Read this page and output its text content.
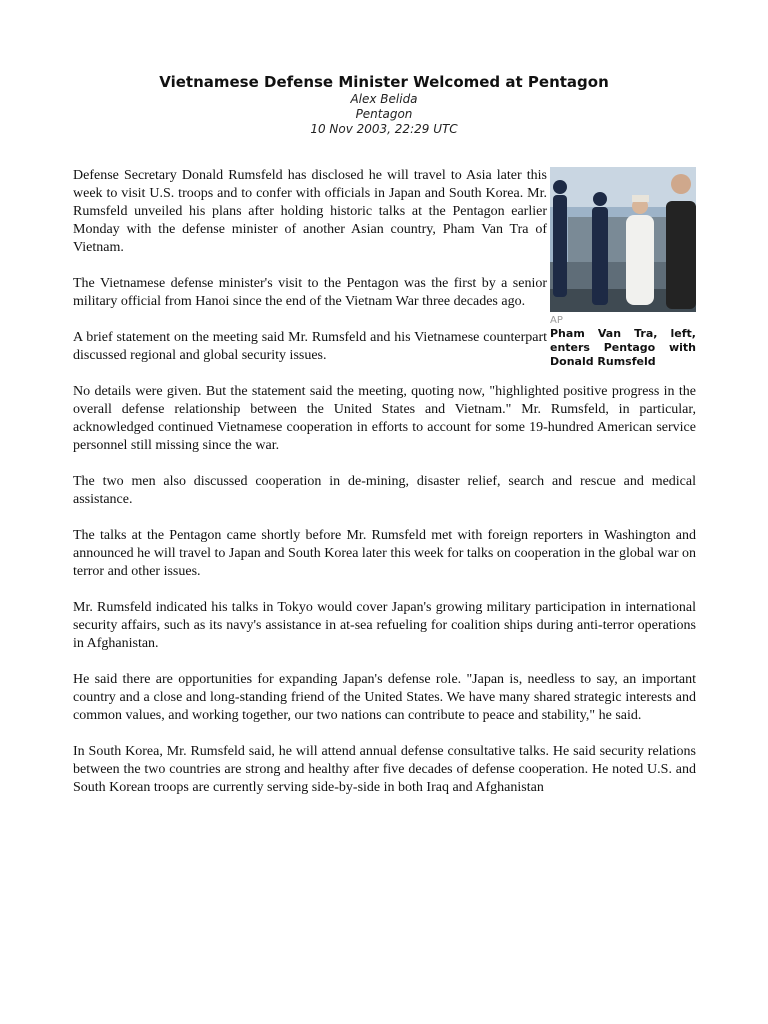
Vietnamese Defense Minister Welcomed at Pentagon
Alex Belida
Pentagon
10 Nov 2003, 22:29 UTC
AP
Pham Van Tra, left, enters Pentago with Donald Rumsfeld

Defense Secretary Donald Rumsfeld has disclosed he will travel to Asia later this week to visit U.S. troops and to confer with officials in Japan and South Korea. Mr. Rumsfeld unveiled his plans after holding historic talks at the Pentagon earlier Monday with the defense minister of another Asian country, Pham Van Tra of Vietnam.

The Vietnamese defense minister's visit to the Pentagon was the first by a senior military official from Hanoi since the end of the Vietnam War three decades ago.

A brief statement on the meeting said Mr. Rumsfeld and his Vietnamese counterpart discussed regional and global security issues.

No details were given. But the statement said the meeting, quoting now, "highlighted positive progress in the overall defense relationship between the United States and Vietnam." Mr. Rumsfeld, in particular, acknowledged continued Vietnamese cooperation in efforts to account for some 19-hundred American service personnel still missing since the war.

The two men also discussed cooperation in de-mining, disaster relief, search and rescue and medical assistance.

The talks at the Pentagon came shortly before Mr. Rumsfeld met with foreign reporters in Washington and announced he will travel to Japan and South Korea later this week for talks on cooperation in the global war on terror and other issues.

Mr. Rumsfeld indicated his talks in Tokyo would cover Japan's growing military participation in international security affairs, such as its navy's assistance in at-sea refueling for coalition ships during anti-terror operations in Afghanistan.

He said there are opportunities for expanding Japan's defense role. "Japan is, needless to say, an important country and a close and long-standing friend of the United States. We have many shared strategic interests and common values, and working together, our two nations can contribute to peace and stability," he said.

In South Korea, Mr. Rumsfeld said, he will attend annual defense consultative talks. He said security relations between the two countries are strong and healthy after five decades of defense cooperation. He noted U.S. and South Korean troops are currently serving side-by-side in both Iraq and Afghanistan
